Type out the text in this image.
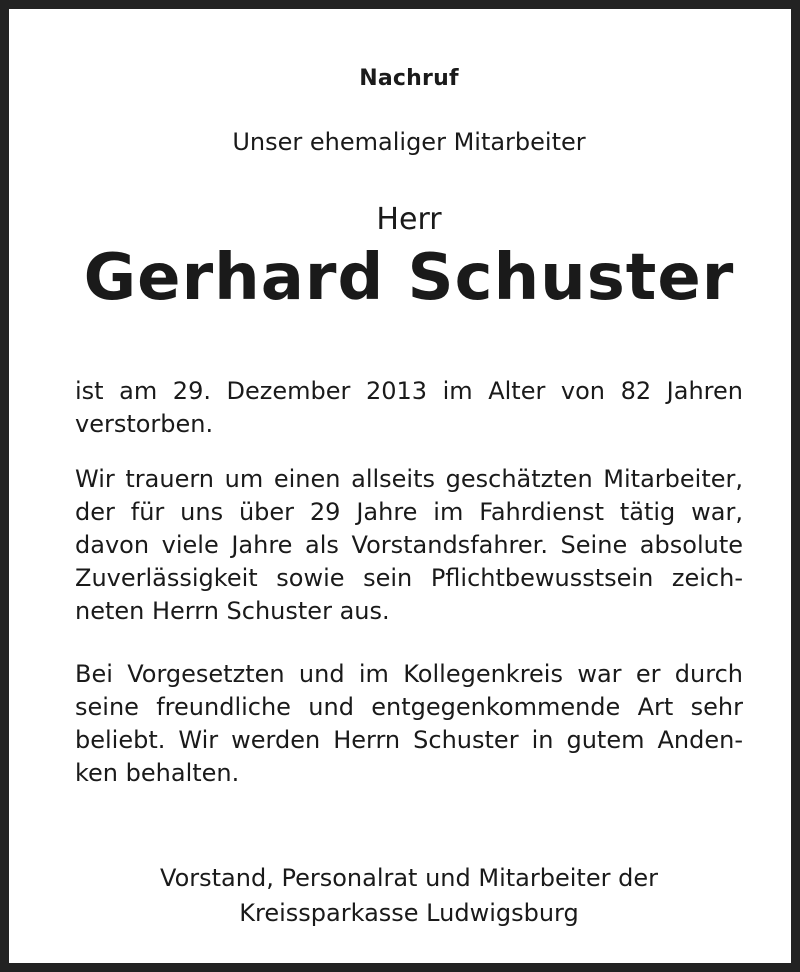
Nachruf
Unser ehemaliger Mitarbeiter
Herr
Gerhard Schuster
ist am 29. Dezember 2013 im Alter von 82 Jahren
verstorben.
Wir trauern um einen allseits geschätzten Mitarbeiter,
der für uns über 29 Jahre im Fahrdienst tätig war,
davon viele Jahre als Vorstandsfahrer. Seine absolute
Zuverlässigkeit sowie sein Pflichtbewusstsein zeich-
neten Herrn Schuster aus.
Bei Vorgesetzten und im Kollegenkreis war er durch
seine freundliche und entgegenkommende Art sehr
beliebt. Wir werden Herrn Schuster in gutem Anden-
ken behalten.
Vorstand, Personalrat und Mitarbeiter der
Kreissparkasse Ludwigsburg
